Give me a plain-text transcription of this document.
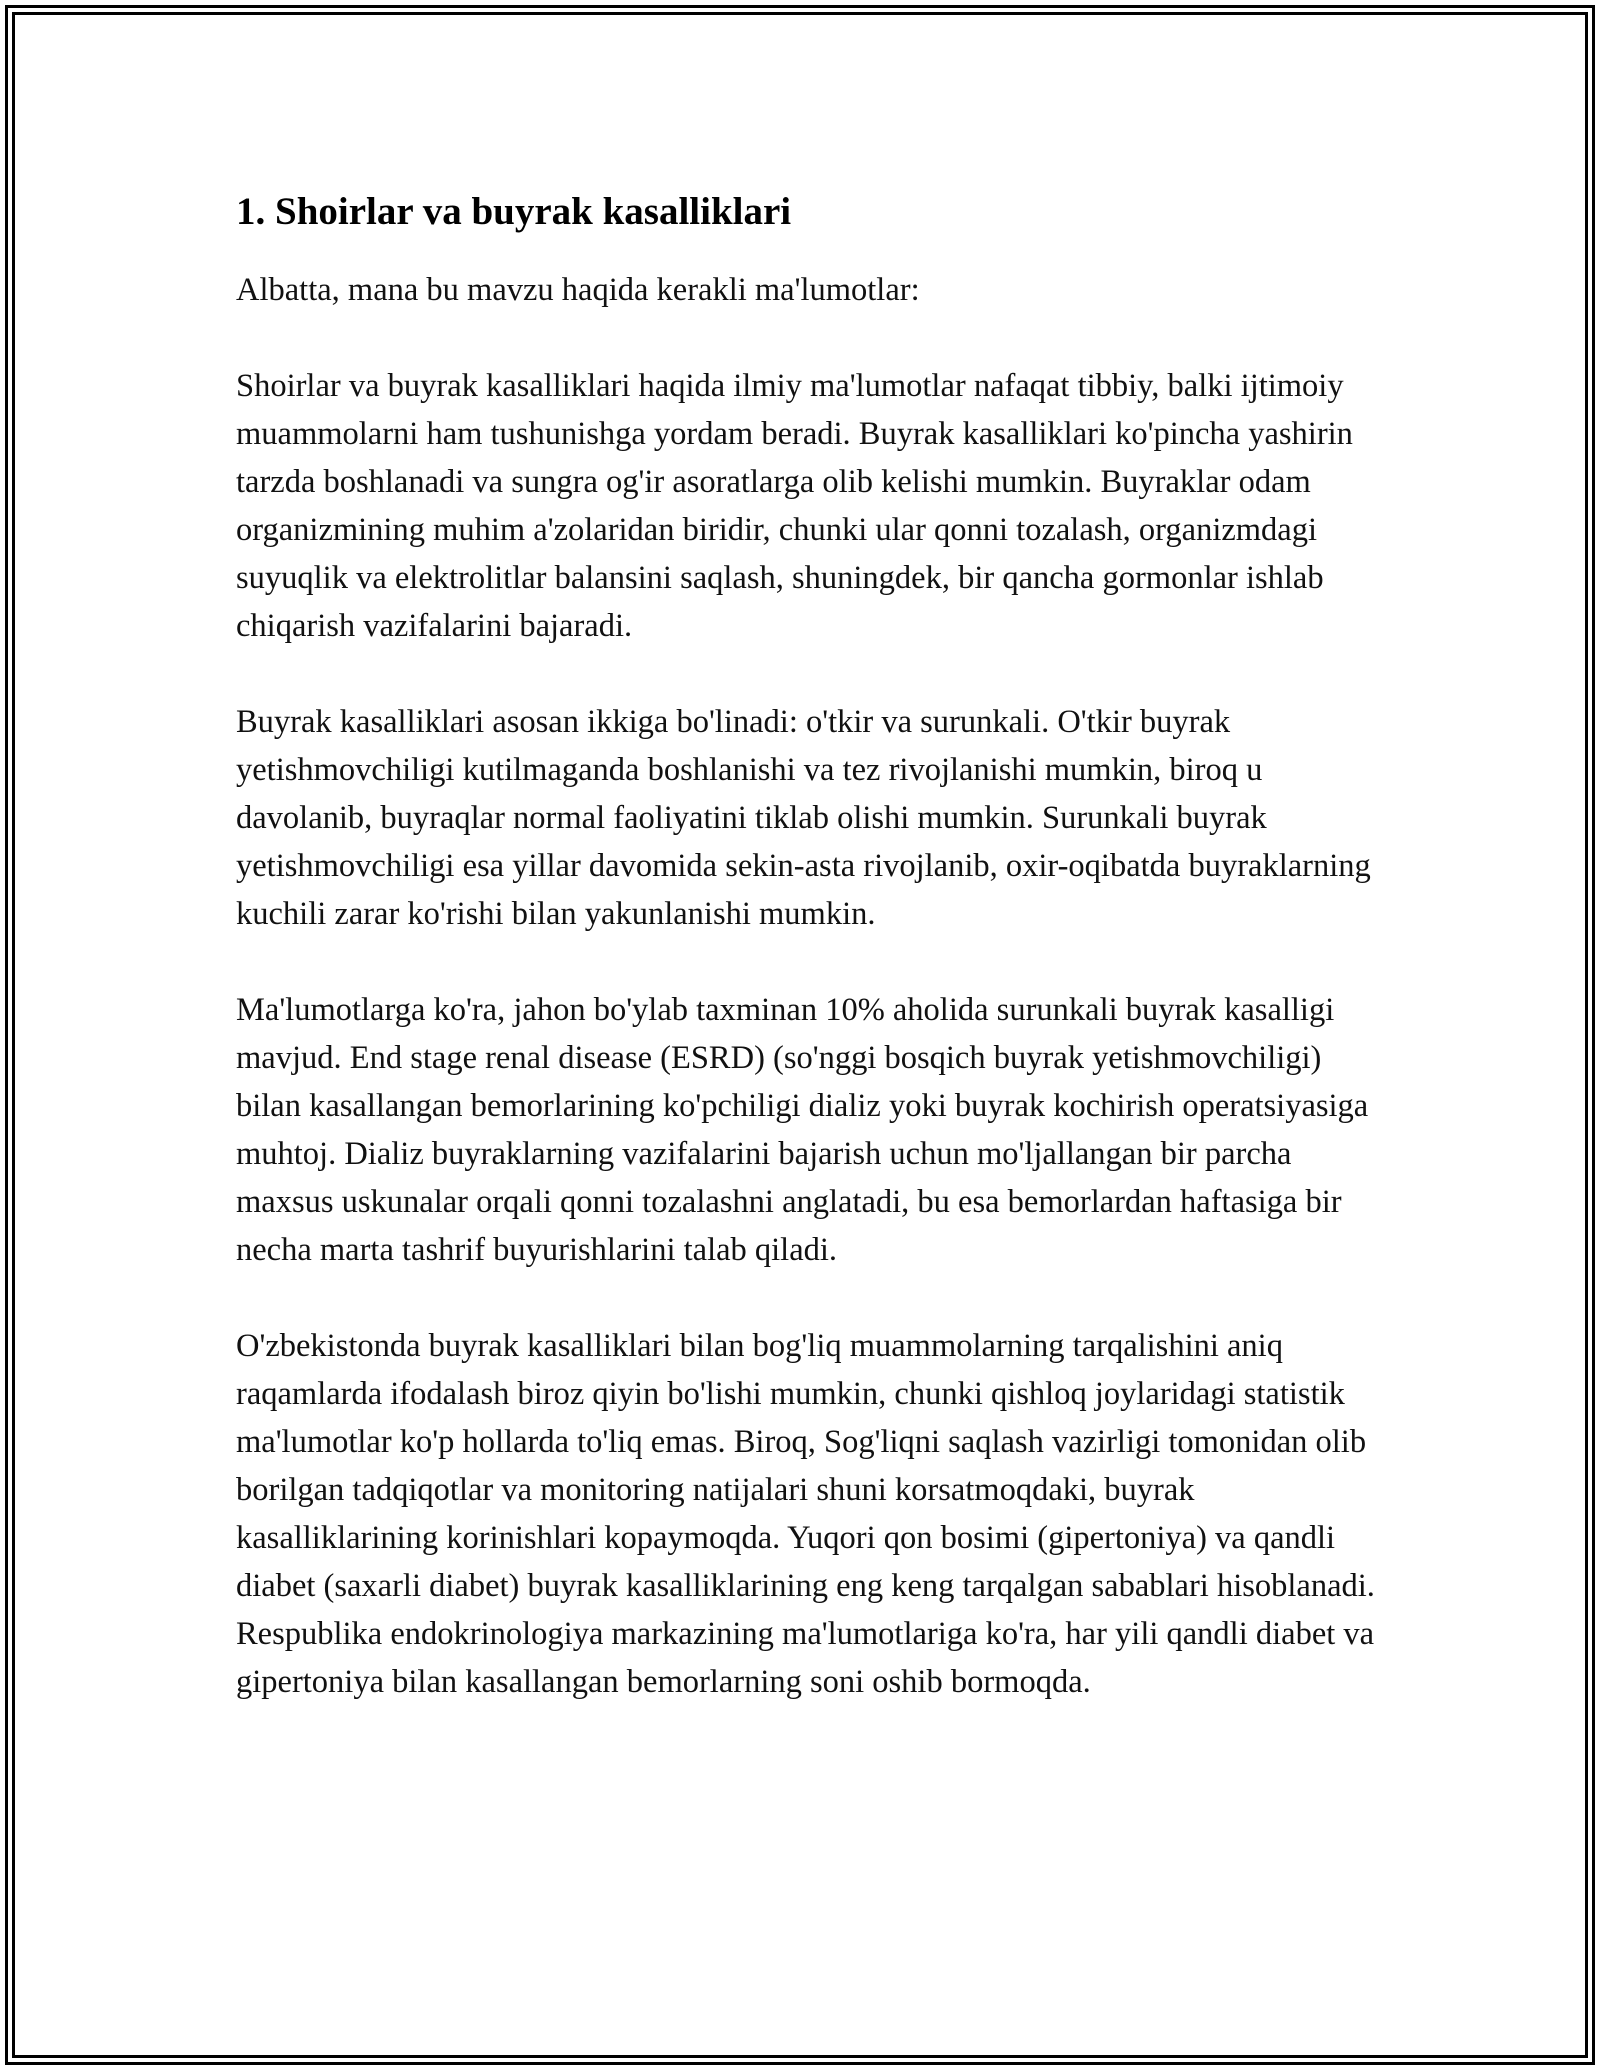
1. Shoirlar va buyrak kasalliklari

Albatta, mana bu mavzu haqida kerakli ma'lumotlar:

Shoirlar va buyrak kasalliklari haqida ilmiy ma'lumotlar nafaqat tibbiy, balki ijtimoiy muammolarni ham tushunishga yordam beradi. Buyrak kasalliklari ko'pincha yashirin tarzda boshlanadi va sungra og'ir asoratlarga olib kelishi mumkin. Buyraklar odam organizmining muhim a'zolaridan biridir, chunki ular qonni tozalash, organizmdagi suyuqlik va elektrolitlar balansini saqlash, shuningdek, bir qancha gormonlar ishlab chiqarish vazifalarini bajaradi.

Buyrak kasalliklari asosan ikkiga bo'linadi: o'tkir va surunkali. O'tkir buyrak yetishmovchiligi kutilmaganda boshlanishi va tez rivojlanishi mumkin, biroq u davolanib, buyraqlar normal faoliyatini tiklab olishi mumkin. Surunkali buyrak yetishmovchiligi esa yillar davomida sekin-asta rivojlanib, oxir-oqibatda buyraklarning kuchili zarar ko'rishi bilan yakunlanishi mumkin.

Ma'lumotlarga ko'ra, jahon bo'ylab taxminan 10% aholida surunkali buyrak kasalligi mavjud. End stage renal disease (ESRD) (so'nggi bosqich buyrak yetishmovchiligi) bilan kasallangan bemorlarining ko'pchiligi dializ yoki buyrak kochirish operatsiyasiga muhtoj. Dializ buyraklarning vazifalarini bajarish uchun mo'ljallangan bir parcha maxsus uskunalar orqali qonni tozalashni anglatadi, bu esa bemorlardan haftasiga bir necha marta tashrif buyurishlarini talab qiladi.

O'zbekistonda buyrak kasalliklari bilan bog'liq muammolarning tarqalishini aniq raqamlarda ifodalash biroz qiyin bo'lishi mumkin, chunki qishloq joylaridagi statistik ma'lumotlar ko'p hollarda to'liq emas. Biroq, Sog'liqni saqlash vazirligi tomonidan olib borilgan tadqiqotlar va monitoring natijalari shuni korsatmoqdaki, buyrak kasalliklarining korinishlari kopaymoqda. Yuqori qon bosimi (gipertoniya) va qandli diabet (saxarli diabet) buyrak kasalliklarining eng keng tarqalgan sabablari hisoblanadi. Respublika endokrinologiya markazining ma'lumotlariga ko'ra, har yili qandli diabet va gipertoniya bilan kasallangan bemorlarning soni oshib bormoqda.
